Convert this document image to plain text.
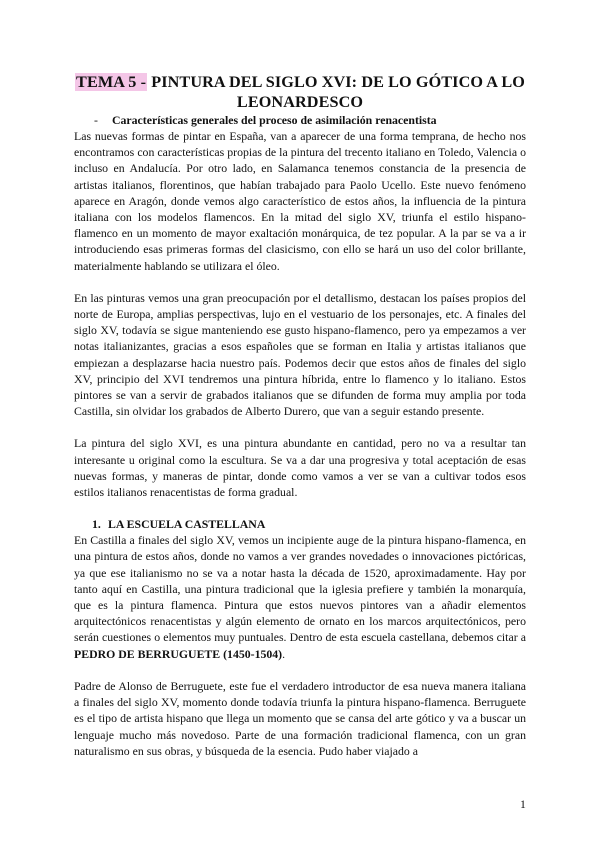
TEMA 5 - PINTURA DEL SIGLO XVI: DE LO GÓTICO A LO LEONARDESCO
- Características generales del proceso de asimilación renacentista

Las nuevas formas de pintar en España, van a aparecer de una forma temprana, de hecho nos encontramos con características propias de la pintura del trecento italiano en Toledo, Valencia o incluso en Andalucía. Por otro lado, en Salamanca tenemos constancia de la presencia de artistas italianos, florentinos, que habían trabajado para Paolo Ucello. Este nuevo fenómeno aparece en Aragón, donde vemos algo característico de estos años, la influencia de la pintura italiana con los modelos flamencos. En la mitad del siglo XV, triunfa el estilo hispano-flamenco en un momento de mayor exaltación monárquica, de tez popular. A la par se va a ir introduciendo esas primeras formas del clasicismo, con ello se hará un uso del color brillante, materialmente hablando se utilizara el óleo.

En las pinturas vemos una gran preocupación por el detallismo, destacan los países propios del norte de Europa, amplias perspectivas, lujo en el vestuario de los personajes, etc. A finales del siglo XV, todavía se sigue manteniendo ese gusto hispano-flamenco, pero ya empezamos a ver notas italianizantes, gracias a esos españoles que se forman en Italia y artistas italianos que empiezan a desplazarse hacia nuestro país. Podemos decir que estos años de finales del siglo XV, principio del XVI tendremos una pintura híbrida, entre lo flamenco y lo italiano. Estos pintores se van a servir de grabados italianos que se difunden de forma muy amplia por toda Castilla, sin olvidar los grabados de Alberto Durero, que van a seguir estando presente.

La pintura del siglo XVI, es una pintura abundante en cantidad, pero no va a resultar tan interesante u original como la escultura. Se va a dar una progresiva y total aceptación de esas nuevas formas, y maneras de pintar, donde como vamos a ver se van a cultivar todos esos estilos italianos renacentistas de forma gradual.

1. LA ESCUELA CASTELLANA

En Castilla a finales del siglo XV, vemos un incipiente auge de la pintura hispano-flamenca, en una pintura de estos años, donde no vamos a ver grandes novedades o innovaciones pictóricas, ya que ese italianismo no se va a notar hasta la década de 1520, aproximadamente. Hay por tanto aquí en Castilla, una pintura tradicional que la iglesia prefiere y también la monarquía, que es la pintura flamenca. Pintura que estos nuevos pintores van a añadir elementos arquitectónicos renacentistas y algún elemento de ornato en los marcos arquitectónicos, pero serán cuestiones o elementos muy puntuales. Dentro de esta escuela castellana, debemos citar a PEDRO DE BERRUGUETE (1450-1504).

Padre de Alonso de Berruguete, este fue el verdadero introductor de esa nueva manera italiana a finales del siglo XV, momento donde todavía triunfa la pintura hispano-flamenca. Berruguete es el tipo de artista hispano que llega un momento que se cansa del arte gótico y va a buscar un lenguaje mucho más novedoso. Parte de una formación tradicional flamenca, con un gran naturalismo en sus obras, y búsqueda de la esencia. Pudo haber viajado a

1
